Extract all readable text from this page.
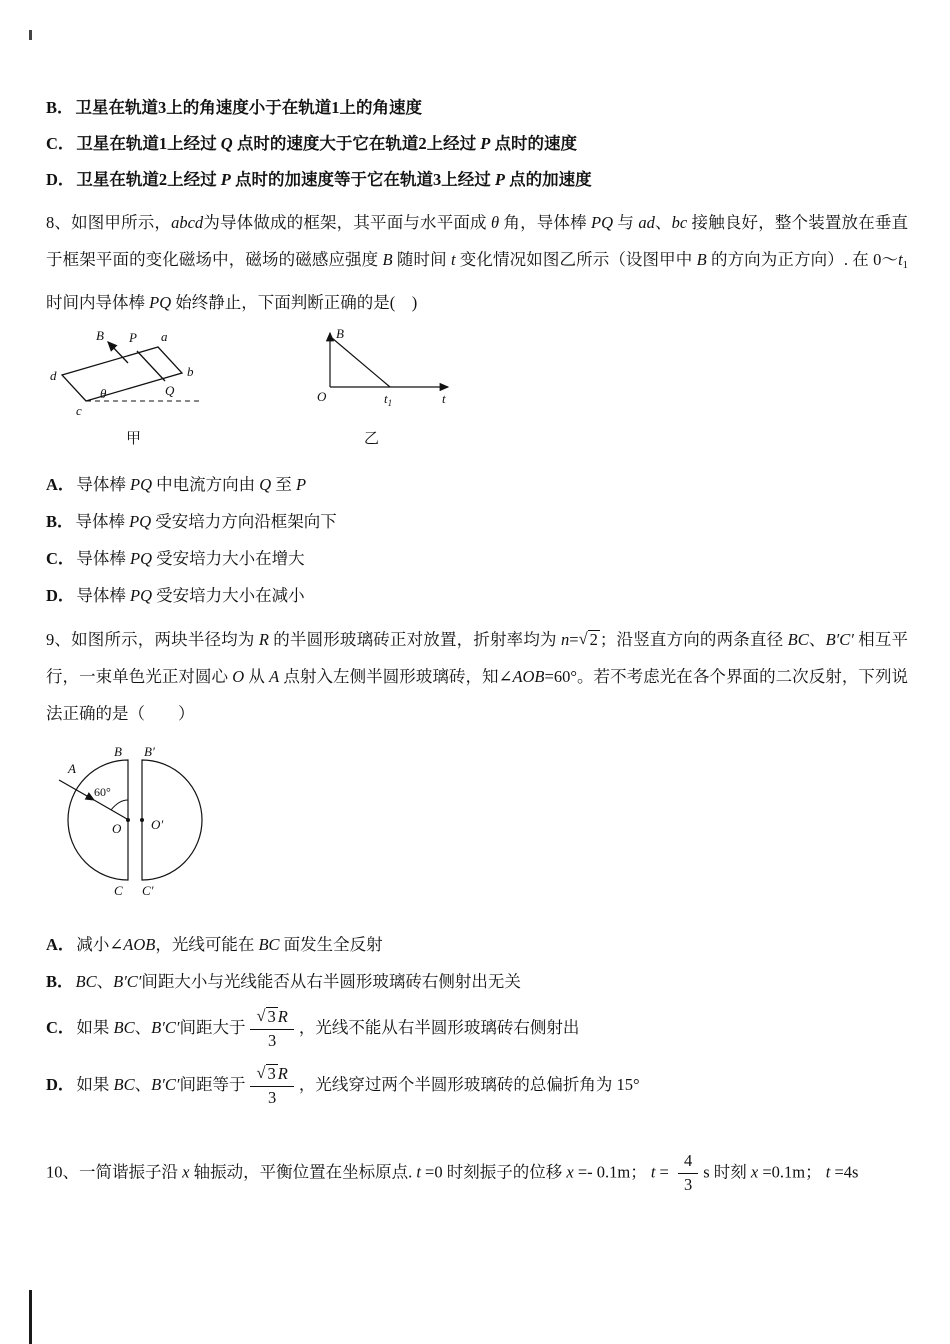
B． 卫星在轨道3上的角速度小于在轨道1上的角速度
C． 卫星在轨道1上经过 Q 点时的速度大于它在轨道2上经过 P 点时的速度
D． 卫星在轨道2上经过 P 点时的加速度等于它在轨道3上经过 P 点的加速度

8、如图甲所示，abcd为导体做成的框架，其平面与水平面成 θ 角，导体棒 PQ 与 ad、bc 接触良好，整个装置放在垂直于框架平面的变化磁场中，磁场的磁感应强度 B 随时间 t 变化情况如图乙所示（设图甲中 B 的方向为正方向）. 在 0～t1 时间内导体棒 PQ 始终静止，下面判断正确的是(　)

B P a
d	b
Q
θ
c
甲
B
O	$t_1$	t
乙
A． 导体棒 PQ 中电流方向由 Q 至 P
B． 导体棒 PQ 受安培力方向沿框架向下
C． 导体棒 PQ 受安培力大小在增大
D． 导体棒 PQ 受安培力大小在减小

9、如图所示，两块半径均为 R 的半圆形玻璃砖正对放置，折射率均为 n=√ 2 ；沿竖直方向的两条直径 BC、B′C′ 相互平行，一束单色光正对圆心 O 从 A 点射入左侧半圆形玻璃砖，知∠AOB=60°。若不考虑光在各个界面的二次反射，下列说法正确的是（　　）

B B′
A
60°
O O′
C C′
A． 减小∠AOB，光线可能在 BC 面发生全反射
B． BC、B′C′间距大小与光线能否从右半圆形玻璃砖右侧射出无关
C． 如果 BC、B′C′间距大于 $\frac{√ 3 R}{3}$ ，光线不能从右半圆形玻璃砖右侧射出
D． 如果 BC、B′C′间距等于 $\frac{√ 3 R}{3}$ ，光线穿过两个半圆形玻璃砖的总偏折角为 15°

10、一简谐振子沿 x 轴振动，平衡位置在坐标原点. t =0 时刻振子的位移 x =- 0.1m； $t = \frac{4}{3}$ s 时刻 x =0.1m； t =4s
